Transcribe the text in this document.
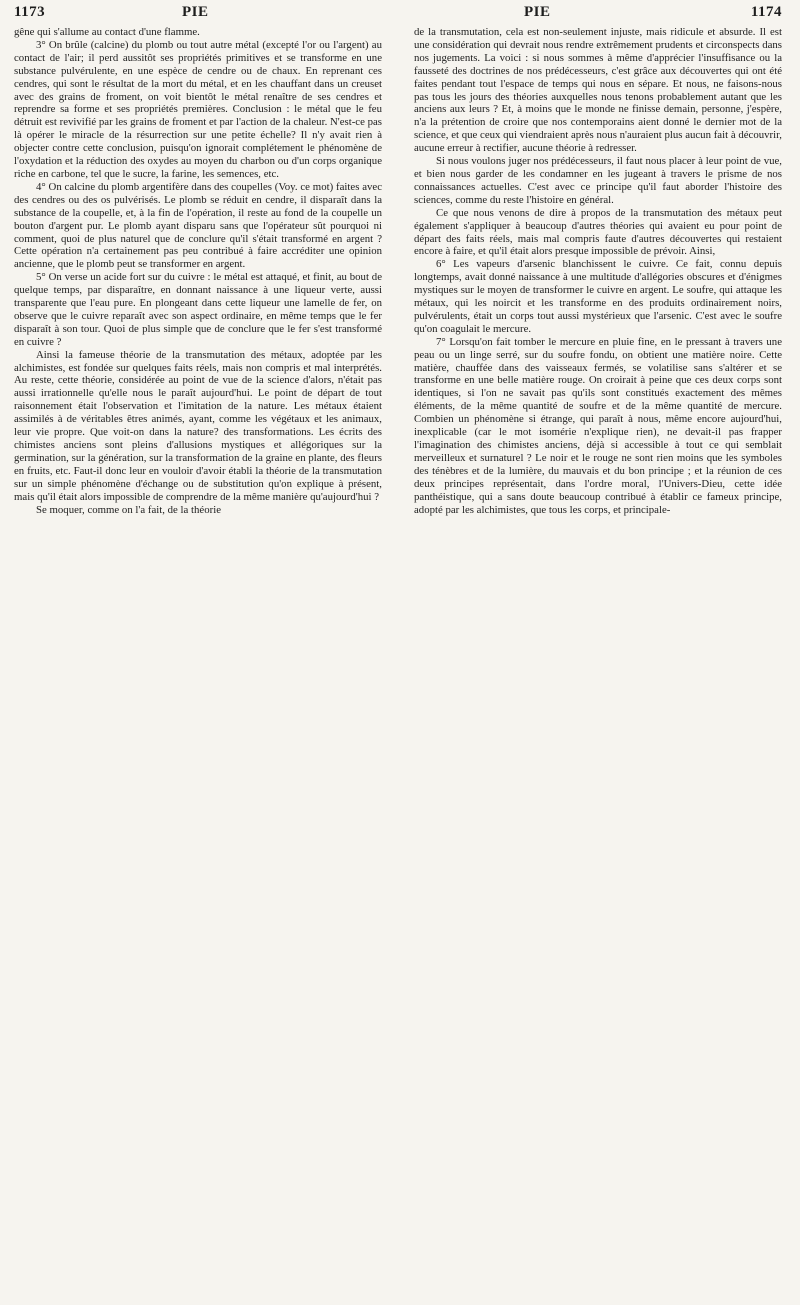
1173	PIE

gêne qui s'allume au contact d'une flamme.

3° On brûle (calcine) du plomb ou tout autre métal (excepté l'or ou l'argent) au contact de l'air; il perd aussitôt ses propriétés primitives et se transforme en une substance pulvérulente, en une espèce de cendre ou de chaux. En reprenant ces cendres, qui sont le résultat de la mort du métal, et en les chauffant dans un creuset avec des grains de froment, on voit bientôt le métal renaître de ses cendres et reprendre sa forme et ses propriétés premières. Conclusion : le métal que le feu détruit est revivifié par les grains de froment et par l'action de la chaleur. N'est-ce pas là opérer le miracle de la résurrection sur une petite échelle? Il n'y avait rien à objecter contre cette conclusion, puisqu'on ignorait complétement le phénomène de l'oxydation et la réduction des oxydes au moyen du charbon ou d'un corps organique riche en carbone, tel que le sucre, la farine, les semences, etc.

4° On calcine du plomb argentifère dans des coupelles (Voy. ce mot) faites avec des cendres ou des os pulvérisés. Le plomb se réduit en cendre, il disparaît dans la substance de la coupelle, et, à la fin de l'opération, il reste au fond de la coupelle un bouton d'argent pur. Le plomb ayant disparu sans que l'opérateur sût pourquoi ni comment, quoi de plus naturel que de conclure qu'il s'était transformé en argent ? Cette opération n'a certainement pas peu contribué à faire accréditer une opinion ancienne, que le plomb peut se transformer en argent.

5° On verse un acide fort sur du cuivre : le métal est attaqué, et finit, au bout de quelque temps, par disparaître, en donnant naissance à une liqueur verte, aussi transparente que l'eau pure. En plongeant dans cette liqueur une lamelle de fer, on observe que le cuivre reparaît avec son aspect ordinaire, en même temps que le fer disparaît à son tour. Quoi de plus simple que de conclure que le fer s'est transformé en cuivre ?

Ainsi la fameuse théorie de la transmutation des métaux, adoptée par les alchimistes, est fondée sur quelques faits réels, mais non compris et mal interprétés. Au reste, cette théorie, considérée au point de vue de la science d'alors, n'était pas aussi irrationnelle qu'elle nous le paraît aujourd'hui. Le point de départ de tout raisonnement était l'observation et l'imitation de la nature. Les métaux étaient assimilés à de véritables êtres animés, ayant, comme les végétaux et les animaux, leur vie propre. Que voit-on dans la nature? des transformations. Les écrits des chimistes anciens sont pleins d'allusions mystiques et allégoriques sur la germination, sur la génération, sur la transformation de la graine en plante, des fleurs en fruits, etc. Faut-il donc leur en vouloir d'avoir établi la théorie de la transmutation sur un simple phénomène d'échange ou de substitution qu'on explique à présent, mais qu'il était alors impossible de comprendre de la même manière qu'aujourd'hui ?

Se moquer, comme on l'a fait, de la théorie

PIE	1174

de la transmutation, cela est non-seulement injuste, mais ridicule et absurde. Il est une considération qui devrait nous rendre extrêmement prudents et circonspects dans nos jugements. La voici : si nous sommes à même d'apprécier l'insuffisance ou la fausseté des doctrines de nos prédécesseurs, c'est grâce aux découvertes qui ont été faites pendant tout l'espace de temps qui nous en sépare. Et nous, ne faisons-nous pas tous les jours des théories auxquelles nous tenons probablement autant que les anciens aux leurs ? Et, à moins que le monde ne finisse demain, personne, j'espère, n'a la prétention de croire que nos contemporains aient donné le dernier mot de la science, et que ceux qui viendraient après nous n'auraient plus aucun fait à découvrir, aucune erreur à rectifier, aucune théorie à redresser.

Si nous voulons juger nos prédécesseurs, il faut nous placer à leur point de vue, et bien nous garder de les condamner en les jugeant à travers le prisme de nos connaissances actuelles. C'est avec ce principe qu'il faut aborder l'histoire des sciences, comme du reste l'histoire en général.

Ce que nous venons de dire à propos de la transmutation des métaux peut également s'appliquer à beaucoup d'autres théories qui avaient eu pour point de départ des faits réels, mais mal compris faute d'autres découvertes qui restaient encore à faire, et qu'il était alors presque impossible de prévoir. Ainsi,

6° Les vapeurs d'arsenic blanchissent le cuivre. Ce fait, connu depuis longtemps, avait donné naissance à une multitude d'allégories obscures et d'énigmes mystiques sur le moyen de transformer le cuivre en argent. Le soufre, qui attaque les métaux, qui les noircit et les transforme en des produits ordinairement noirs, pulvérulents, était un corps tout aussi mystérieux que l'arsenic. C'est avec le soufre qu'on coagulait le mercure.

7° Lorsqu'on fait tomber le mercure en pluie fine, en le pressant à travers une peau ou un linge serré, sur du soufre fondu, on obtient une matière noire. Cette matière, chauffée dans des vaisseaux fermés, se volatilise sans s'altérer et se transforme en une belle matière rouge. On croirait à peine que ces deux corps sont identiques, si l'on ne savait pas qu'ils sont constitués exactement des mêmes éléments, de la même quantité de soufre et de la même quantité de mercure. Combien un phénomène si étrange, qui paraît à nous, même encore aujourd'hui, inexplicable (car le mot isomérie n'explique rien), ne devait-il pas frapper l'imagination des chimistes anciens, déjà si accessible à tout ce qui semblait merveilleux et surnaturel ? Le noir et le rouge ne sont rien moins que les symboles des ténèbres et de la lumière, du mauvais et du bon principe ; et la réunion de ces deux principes représentait, dans l'ordre moral, l'Univers-Dieu, cette idée panthéistique, qui a sans doute beaucoup contribué à établir ce fameux principe, adopté par les alchimistes, que tous les corps, et principale-
